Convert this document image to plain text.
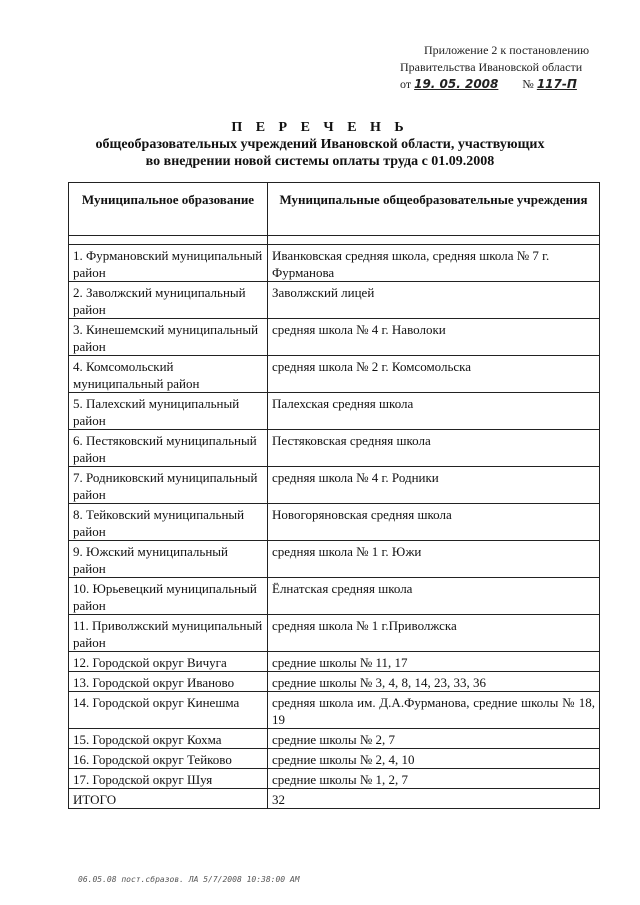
Приложение 2 к постановлению
Правительства Ивановской области
от 19. 05. 2008 № 117-П
П Е Р Е Ч Е Н Ь
общеобразовательных учреждений Ивановской области, участвующих
во внедрении новой системы оплаты труда с 01.09.2008
Муниципальное образование	Муниципальные общеобразовательные учреждения

1. Фурмановский муниципальный район	Иванковская средняя школа, средняя школа № 7 г. Фурманова
2. Заволжский муниципальный район	Заволжский лицей
3. Кинешемский муниципальный район	средняя школа № 4 г. Наволоки
4. Комсомольский муниципальный район	средняя школа № 2 г. Комсомольска
5. Палехский муниципальный район	Палехская средняя школа
6. Пестяковский муниципальный район	Пестяковская средняя школа
7. Родниковский муниципальный район	средняя школа № 4 г. Родники
8. Тейковский муниципальный район	Новогоряновская средняя школа
9. Южский муниципальный район	средняя школа № 1 г. Южи
10. Юрьевецкий муниципальный район	Ёлнатская средняя школа
11. Приволжский муниципальный район	средняя школа № 1 г.Приволжска
12. Городской округ Вичуга	средние школы № 11, 17
13. Городской округ Иваново	средние школы № 3, 4, 8, 14, 23, 33, 36
14. Городской округ Кинешма	средняя школа им. Д.А.Фурманова, средние школы № 18, 19
15. Городской округ Кохма	средние школы № 2, 7
16. Городской округ Тейково	средние школы № 2, 4, 10
17. Городской округ Шуя	средние школы № 1, 2, 7
ИТОГО	32
06.05.08 пост.сбразов. ЛА 5/7/2008 10:38:00 AM
